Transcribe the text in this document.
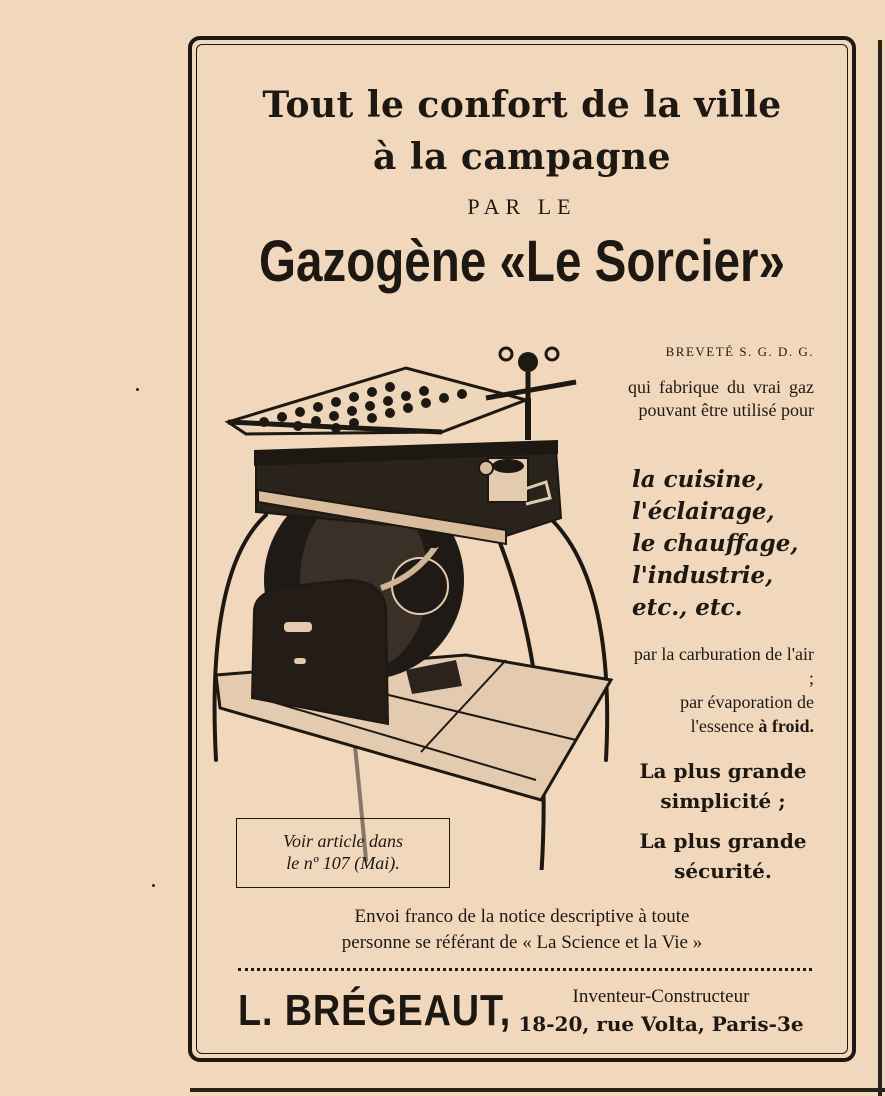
Tout le confort de la ville
à la campagne
PAR LE
Gazogène «Le Sorcier»
BREVETÉ S. G. D. G.
qui fabrique du vrai gaz pouvant être utilisé pour
la cuisine,
l'éclairage,
le chauffage,
l'industrie,
etc., etc.
par la carburation de l'air ;
par évaporation de l'essence à froid.
La plus grande simplicité ;
La plus grande sécurité.
Voir article dans
le nº 107 (Mai).
Envoi franco de la notice descriptive à toute
personne se référant de « La Science et la Vie »
L. BRÉGEAUT,	Inventeur-Constructeur
18-20, rue Volta, Paris-3e
